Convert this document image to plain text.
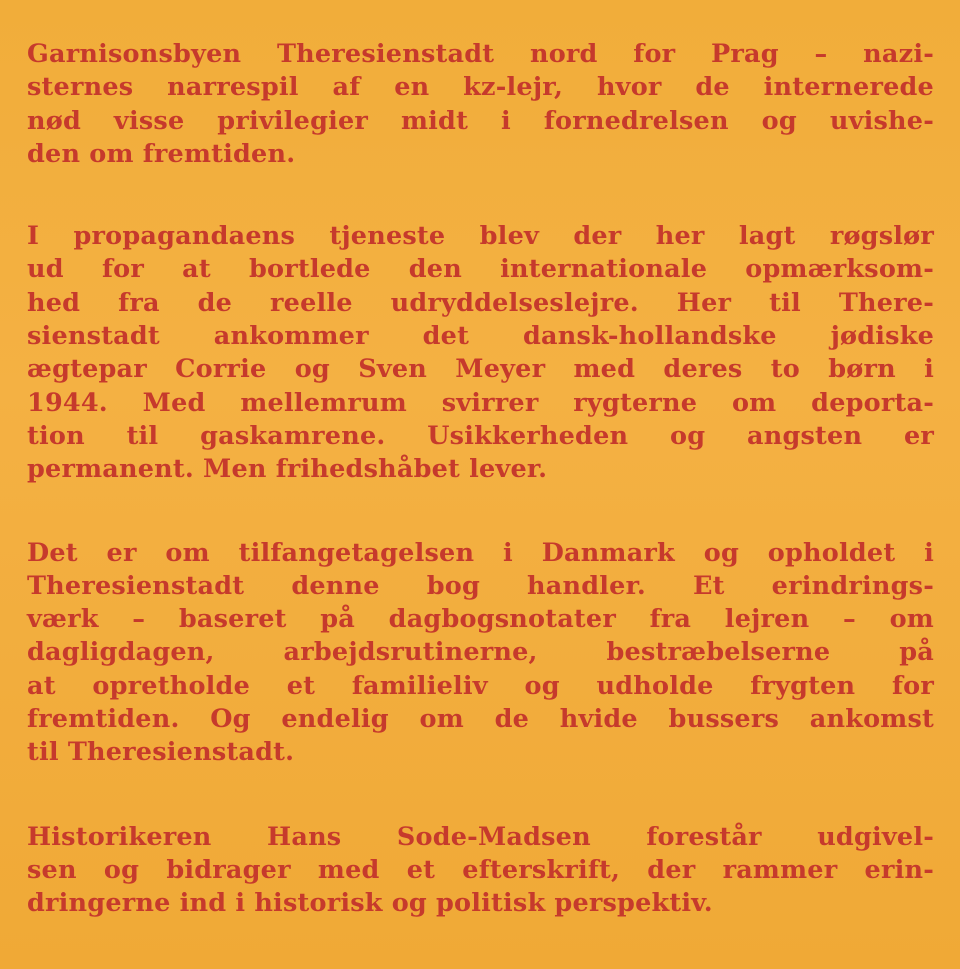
Garnisonsbyen Theresienstadt nord for Prag – nazi-
sternes narrespil af en kz-lejr, hvor de internerede
nød visse privilegier midt i fornedrelsen og uvishe-
den om fremtiden.

I propagandaens tjeneste blev der her lagt røgslør
ud for at bortlede den internationale opmærksom-
hed fra de reelle udryddelseslejre. Her til There-
sienstadt ankommer det dansk-hollandske jødiske
ægtepar Corrie og Sven Meyer med deres to børn i
1944. Med mellemrum svirrer rygterne om deporta-
tion til gaskamrene. Usikkerheden og angsten er
permanent. Men frihedshåbet lever.

Det er om tilfangetagelsen i Danmark og opholdet i
Theresienstadt denne bog handler. Et erindrings-
værk – baseret på dagbogsnotater fra lejren – om
dagligdagen, arbejdsrutinerne, bestræbelserne på
at opretholde et familieliv og udholde frygten for
fremtiden. Og endelig om de hvide bussers ankomst
til Theresienstadt.

Historikeren Hans Sode-Madsen forestår udgivel-
sen og bidrager med et efterskrift, der rammer erin-
dringerne ind i historisk og politisk perspektiv.
